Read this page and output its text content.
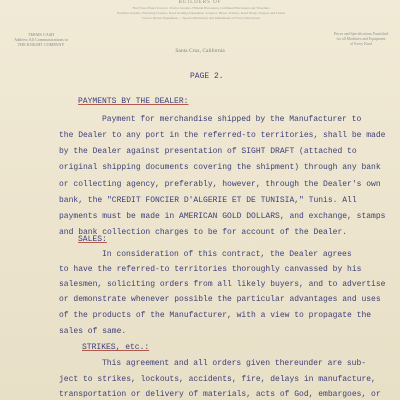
BUILDERS OF
Holt Four-Wheel Tractors, Tractor Graders, Hillside Harvesters, Combined Harvesters and Threshers
Northern Graders, Elevating Graders, Road Grading Equipment, Scrapers, Plows, Trailers, Road Drags, Wagons and Trucks
Tractor Drawn Equipment — Special Machinery and Implements of Every Description
TERMS CASH
Address All Communications to
THE KNIGHT COMPANY
Prices and Specifications Furnished
for all Machines and Equipment
of Every Kind
Santa Cruz, California
PAGE 2.
PAYMENTS BY THE DEALER:
Payment for merchandise shipped by the Manufacturer to
the Dealer to any port in the referred-to territories, shall be made
by the Dealer against presentation of SIGHT DRAFT (attached to
original shipping documents covering the shipment) through any bank
or collecting agency, preferably, however, through the Dealer's own
bank, the "CREDIT FONCIER D'ALGERIE ET DE TUNISIA," Tunis. All
payments must be made in AMERICAN GOLD DOLLARS, and exchange, stamps
and bank collection charges to be for account of the Dealer.
SALES:
In consideration of this contract, the Dealer agrees
to have the referred-to territories thoroughly canvassed by his
salesmen, soliciting orders from all likely buyers, and to advertise
or demonstrate whenever possible the particular advantages and uses
of the products of the Manufacturer, with a view to propagate the
sales of same.
STRIKES, etc.:
This agreement and all orders given thereunder are sub-
ject to strikes, lockouts, accidents, fire, delays in manufacture,
transportation or delivery of materials, acts of God, embargoes, or
